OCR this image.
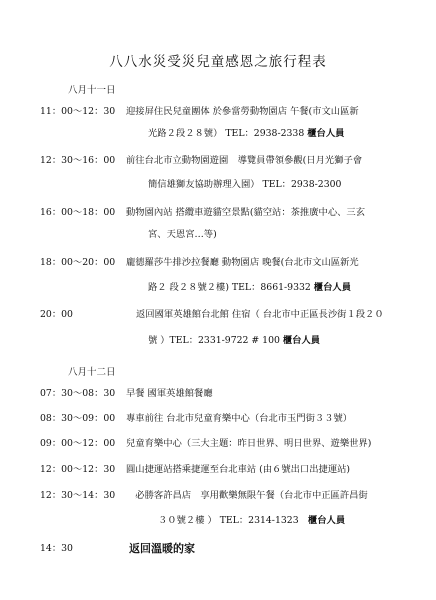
八八水災受災兒童感恩之旅行程表
八月十一日
11：00～12：30 迎接屏住民兒童團体 於參當勞動物園店 午餐(市文山區新
光路２段２８號） TEL：2938-2338 櫃台人員
12：30～16：00 前往台北市立動物園遊園　導覽員帶領參觀(日月光獅子會
簡信雄獅友協助辦理入園） TEL：2938-2300
16：00～18：00 動物園內站 搭纜車遊貓空景點(貓空站：茶推廣中心、三玄
宮、天恩宮…等)
18：00～20：00 龐德羅莎牛排沙拉餐廳 動物園店 晚餐(台北市文山區新光
路２ 段２８號２樓) TEL：8661-9332 櫃台人員
20：00	返回國軍英雄館台北館 住宿（ 台北市中正區長沙街１段２０
號 ）TEL：2331-9722 # 100 櫃台人員
八月十二日
07：30～08：30 早餐 國軍英雄館餐廳
08：30～09：00 專車前往 台北市兒童育樂中心（台北市玉門街３３號）
09：00～12：00 兒童育樂中心（三大主題：昨日世界、明日世界、遊樂世界)
12：00～12：30 圓山捷運站搭乘捷運至台北車站 (由６號出口出捷運站)
12：30～14：30　必勝客許昌店　享用歡樂無限午餐（台北市中正區許昌街
３０號２樓 ） TEL：2314-1323　櫃台人員
14：30	返回溫暖的家
